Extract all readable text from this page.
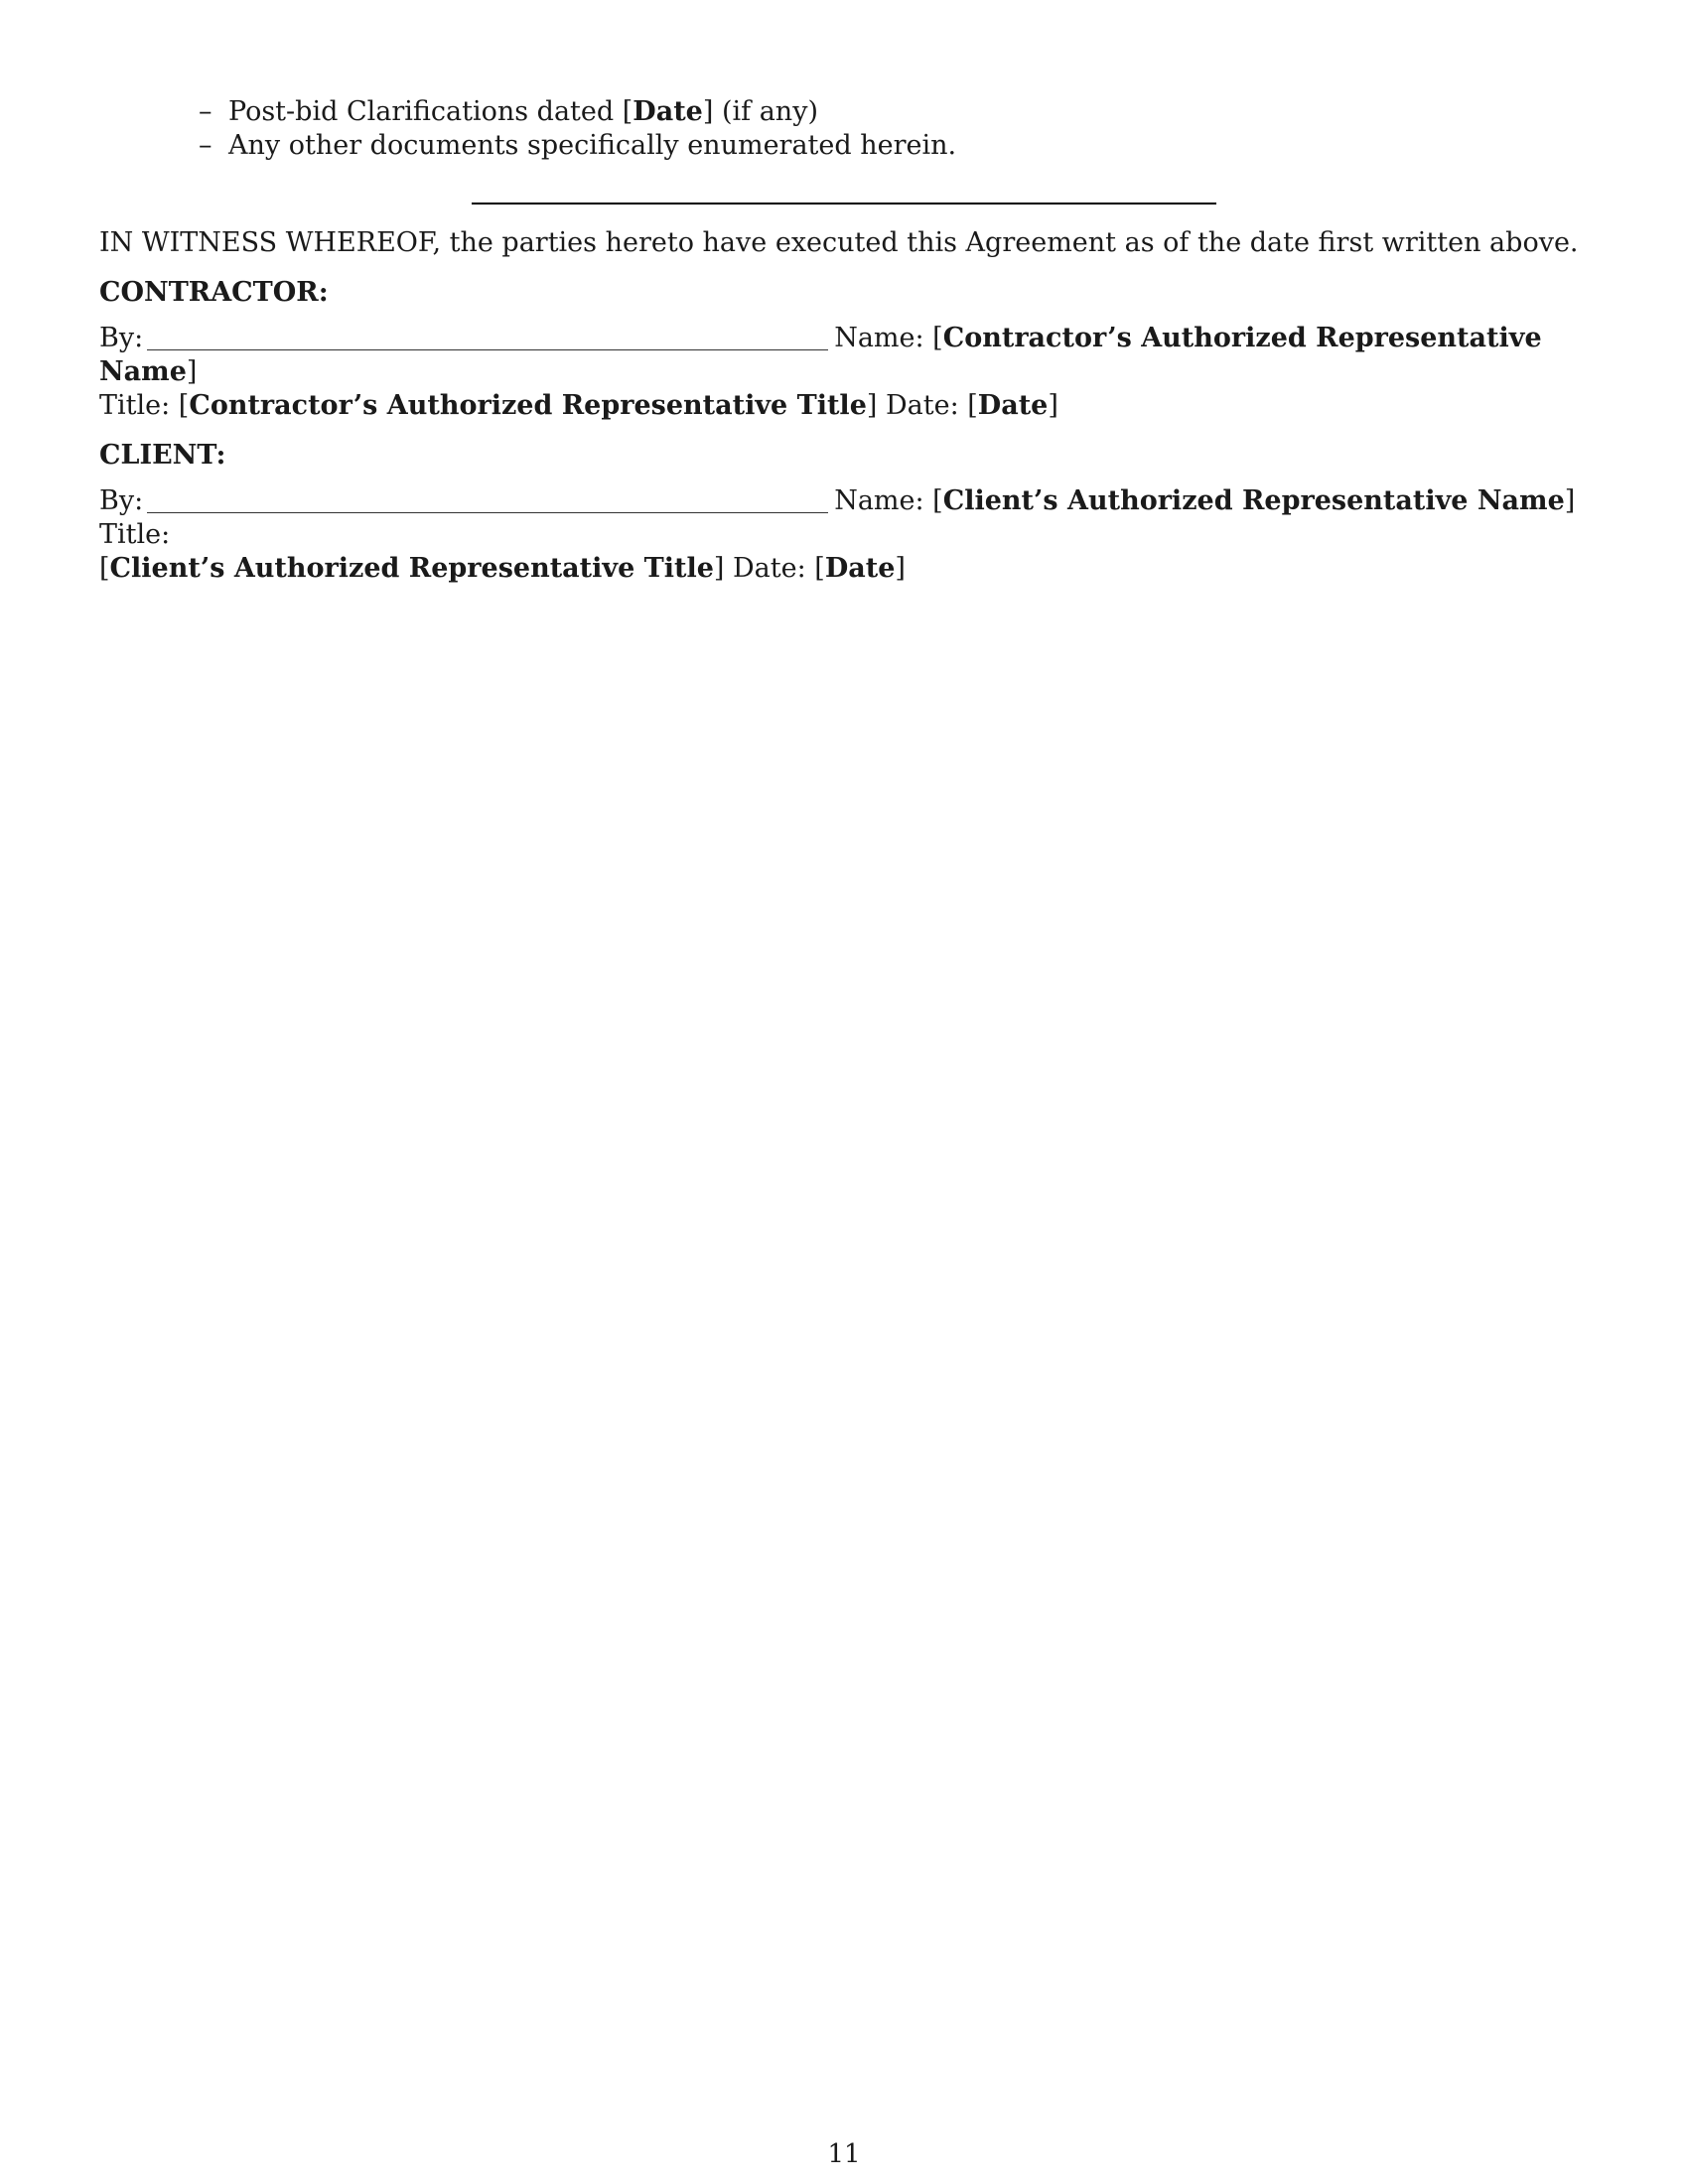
– Post-bid Clarifications dated [Date] (if any)
– Any other documents specifically enumerated herein.
IN WITNESS WHEREOF, the parties hereto have executed this Agreement as of the date first written above.
CONTRACTOR:
By:	Name: [Contractor’s Authorized Representative Name]
Title: [Contractor’s Authorized Representative Title] Date: [Date]
CLIENT:
By:	Name: [Client’s Authorized Representative Name] Title:
[Client’s Authorized Representative Title] Date: [Date]
11
